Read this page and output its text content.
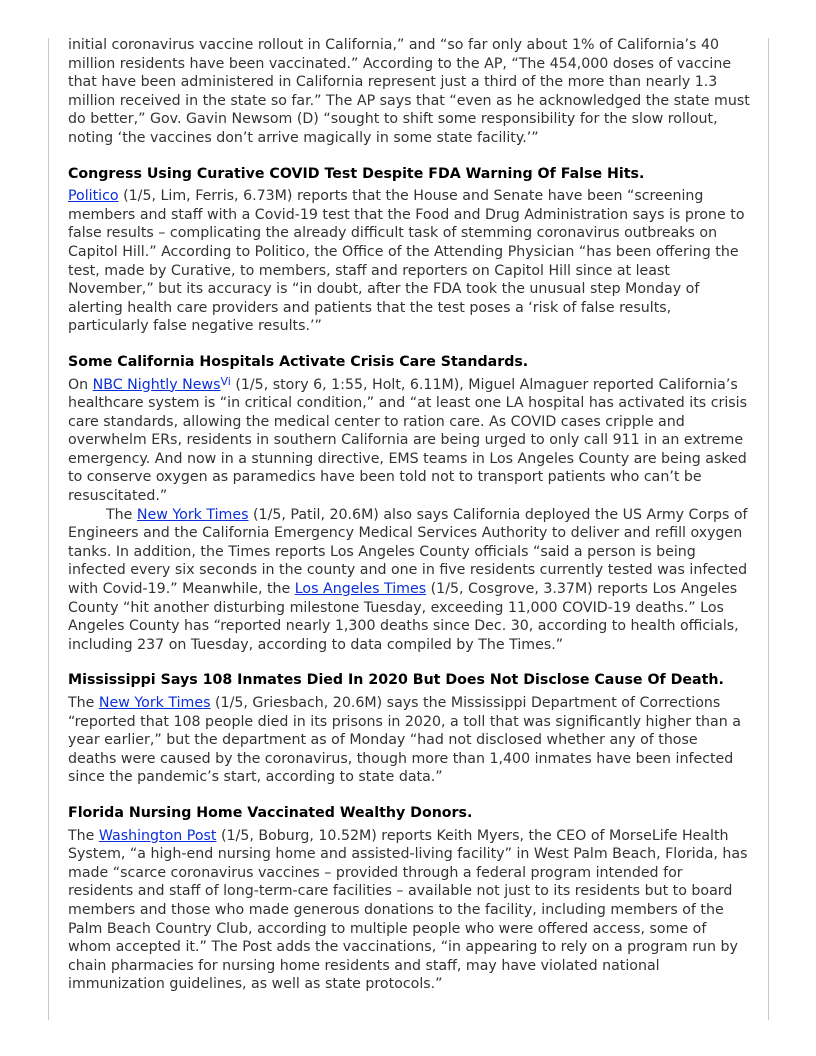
initial coronavirus vaccine rollout in California,” and “so far only about 1% of California’s 40 million residents have been vaccinated.” According to the AP, “The 454,000 doses of vaccine that have been administered in California represent just a third of the more than nearly 1.3 million received in the state so far.” The AP says that “even as he acknowledged the state must do better,” Gov. Gavin Newsom (D) “sought to shift some responsibility for the slow rollout, noting ‘the vaccines don’t arrive magically in some state facility.’”

Congress Using Curative COVID Test Despite FDA Warning Of False Hits.

Politico (1/5, Lim, Ferris, 6.73M) reports that the House and Senate have been “screening members and staff with a Covid-19 test that the Food and Drug Administration says is prone to false results – complicating the already difficult task of stemming coronavirus outbreaks on Capitol Hill.” According to Politico, the Office of the Attending Physician “has been offering the test, made by Curative, to members, staff and reporters on Capitol Hill since at least November,” but its accuracy is “in doubt, after the FDA took the unusual step Monday of alerting health care providers and patients that the test poses a ‘risk of false results, particularly false negative results.’”

Some California Hospitals Activate Crisis Care Standards.

On NBC Nightly News$^{Vi}$ (1/5, story 6, 1:55, Holt, 6.11M), Miguel Almaguer reported California’s healthcare system is “in critical condition,” and “at least one LA hospital has activated its crisis care standards, allowing the medical center to ration care. As COVID cases cripple and overwhelm ERs, residents in southern California are being urged to only call 911 in an extreme emergency. And now in a stunning directive, EMS teams in Los Angeles County are being asked to conserve oxygen as paramedics have been told not to transport patients who can’t be resuscitated.”

The New York Times (1/5, Patil, 20.6M) also says California deployed the US Army Corps of Engineers and the California Emergency Medical Services Authority to deliver and refill oxygen tanks. In addition, the Times reports Los Angeles County officials “said a person is being infected every six seconds in the county and one in five residents currently tested was infected with Covid-19.” Meanwhile, the Los Angeles Times (1/5, Cosgrove, 3.37M) reports Los Angeles County “hit another disturbing milestone Tuesday, exceeding 11,000 COVID-19 deaths.” Los Angeles County has “reported nearly 1,300 deaths since Dec. 30, according to health officials, including 237 on Tuesday, according to data compiled by The Times.”

Mississippi Says 108 Inmates Died In 2020 But Does Not Disclose Cause Of Death.

The New York Times (1/5, Griesbach, 20.6M) says the Mississippi Department of Corrections “reported that 108 people died in its prisons in 2020, a toll that was significantly higher than a year earlier,” but the department as of Monday “had not disclosed whether any of those deaths were caused by the coronavirus, though more than 1,400 inmates have been infected since the pandemic’s start, according to state data.”

Florida Nursing Home Vaccinated Wealthy Donors.

The Washington Post (1/5, Boburg, 10.52M) reports Keith Myers, the CEO of MorseLife Health System, “a high-end nursing home and assisted-living facility” in West Palm Beach, Florida, has made “scarce coronavirus vaccines – provided through a federal program intended for residents and staff of long-term-care facilities – available not just to its residents but to board members and those who made generous donations to the facility, including members of the Palm Beach Country Club, according to multiple people who were offered access, some of whom accepted it.” The Post adds the vaccinations, “in appearing to rely on a program run by chain pharmacies for nursing home residents and staff, may have violated national immunization guidelines, as well as state protocols.”
